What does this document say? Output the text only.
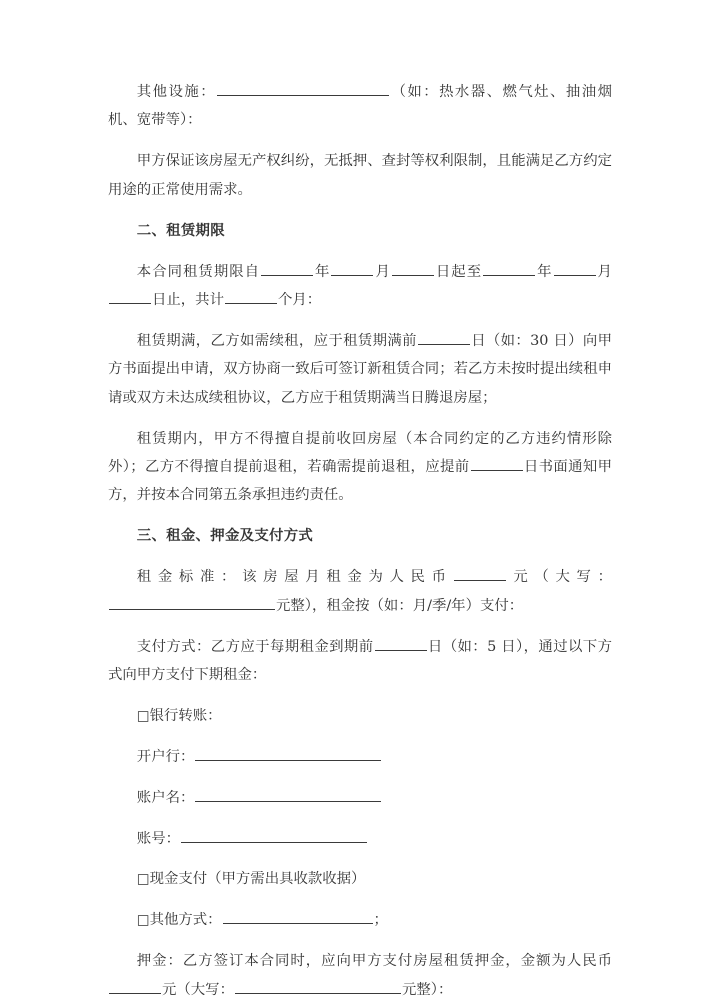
其他设施：	（如：热水器、燃气灶、抽油烟机、宽带等）：

甲方保证该房屋无产权纠纷，无抵押、查封等权利限制，且能满足乙方约定用途的正常使用需求。

二、租赁期限

本合同租赁期限自	年	月	日起至	年	月日止，共计	个月：

租赁期满，乙方如需续租，应于租赁期满前	日（如：30 日）向甲方书面提出申请，双方协商一致后可签订新租赁合同；若乙方未按时提出续租申请或双方未达成续租协议，乙方应于租赁期满当日腾退房屋；

租赁期内，甲方不得擅自提前收回房屋（本合同约定的乙方违约情形除外）；乙方不得擅自提前退租，若确需提前退租，应提前	日书面通知甲方，并按本合同第五条承担违约责任。

三、租金、押金及支付方式

租金标准：该房屋月租金为人民币	元（大写：元整），租金按（如：月/季/年）支付：

支付方式：乙方应于每期租金到期前	日（如：5 日），通过以下方式向甲方支付下期租金：

□银行转账：

开户行：

账户名：

账号：

□现金支付（甲方需出具收款收据）

□其他方式：	；

押金：乙方签订本合同时，应向甲方支付房屋租赁押金，金额为人民币元（大写：	元整）：
